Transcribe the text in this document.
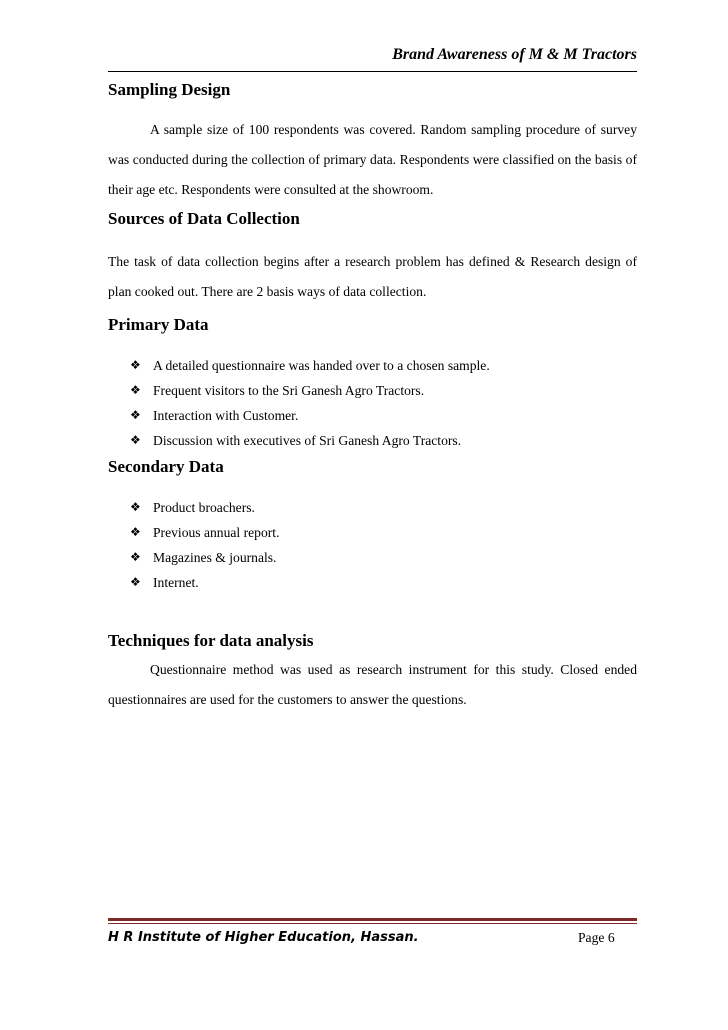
Brand Awareness of M & M Tractors
Sampling Design

A sample size of 100 respondents was covered. Random sampling procedure of survey was conducted during the collection of primary data. Respondents were classified on the basis of their age etc. Respondents were consulted at the showroom.

Sources of Data Collection

The task of data collection begins after a research problem has defined & Research design of plan cooked out. There are 2 basis ways of data collection.

Primary Data
❖ A detailed questionnaire was handed over to a chosen sample.
❖ Frequent visitors to the Sri Ganesh Agro Tractors.
❖ Interaction with Customer.
❖ Discussion with executives of Sri Ganesh Agro Tractors.
Secondary Data
❖ Product broachers.
❖ Previous annual report.
❖ Magazines & journals.
❖ Internet.
Techniques for data analysis

Questionnaire method was used as research instrument for this study. Closed ended questionnaires are used for the customers to answer the questions.

H R Institute of Higher Education, Hassan.	Page 6
